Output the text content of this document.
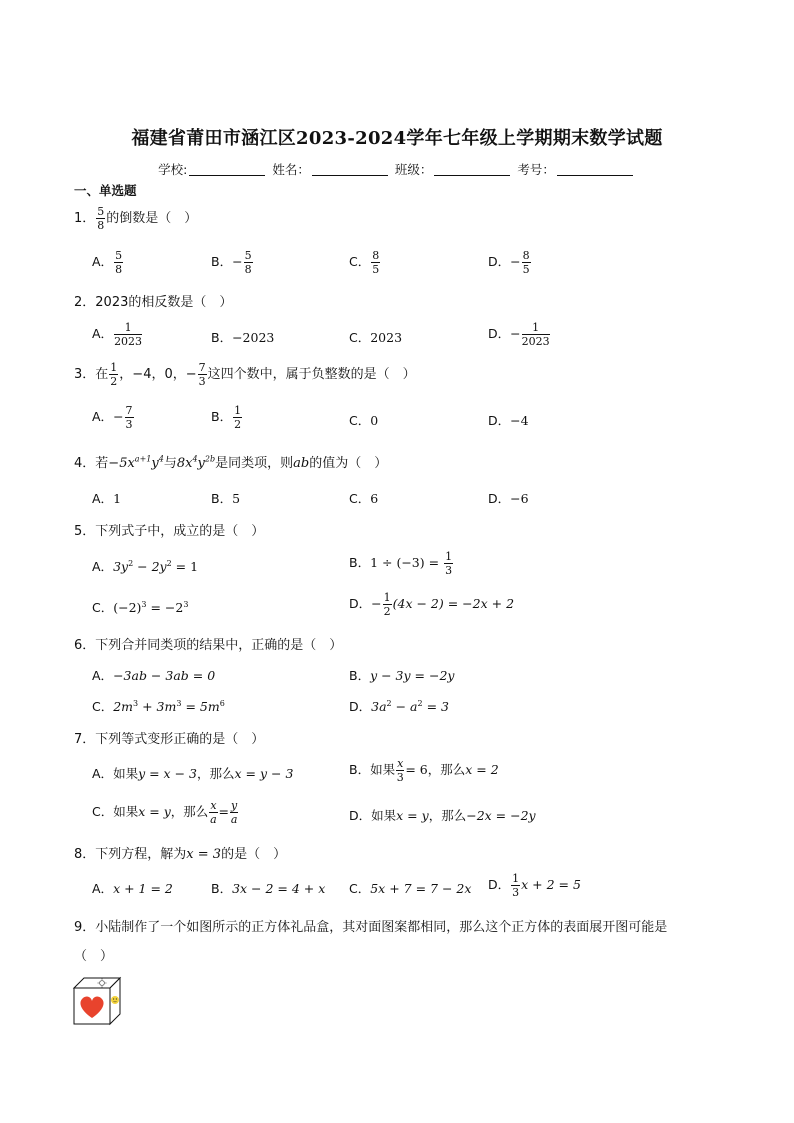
福建省莆田市涵江区2023-2024学年七年级上学期期末数学试题
学校:	姓名：	班级：	考号：
一、单选题
1． $\frac{5}{8}$ 的倒数是（　）
A． $\frac{5}{8}$	B．− $\frac{5}{8}$	C． $\frac{8}{5}$	D．− $\frac{8}{5}$
2．2023的相反数是（　）
A． $\frac{1}{2023}$	B．−2023	C．2023	D．− $\frac{1}{2023}$
3．在 $\frac{1}{2}$ ，−4，0，− $\frac{7}{3}$ 这四个数中，属于负整数的是（　）
A．− $\frac{7}{3}$	B． $\frac{1}{2}$	C．0	D．−4
4．若$-5x^{a+1}y^4$与$8x^4y^{2b}$是同类项，则ab的值为（　）
A．1	B．5	C．6	D．−6
5．下列式子中，成立的是（　）
A．$3y^2 - 2y^2 = 1$	B．$1 \div (-3) = \frac{1}{3}$
C．$(-2)^3 = -2^3$	D．− $\frac{1}{2} (4x - 2) = -2x + 2$
6．下列合并同类项的结果中，正确的是（　）
A．−3ab − 3ab = 0	B．y − 3y = −2y
C．$2m^3 + 3m^3 = 5m^6$	D．$3a^2 - a^2 = 3$
7．下列等式变形正确的是（　）
A．如果y = x − 3，那么x = y − 3	B．如果 $\frac{x}{3} = 6$，那么x = 2
C．如果x = y，那么 $\frac{x}{a} = \frac{y}{a}$	D．如果x = y，那么−2x = −2y
8．下列方程，解为x = 3的是（　）
A．x + 1 = 2	B．3x − 2 = 4 + x C．5x + 7 = 7 − 2x D． $\frac{1}{3}$ x + 2 = 5
9．小陆制作了一个如图所示的正方体礼品盒，其对面图案都相同，那么这个正方体的表面展开图可能是
（　）
